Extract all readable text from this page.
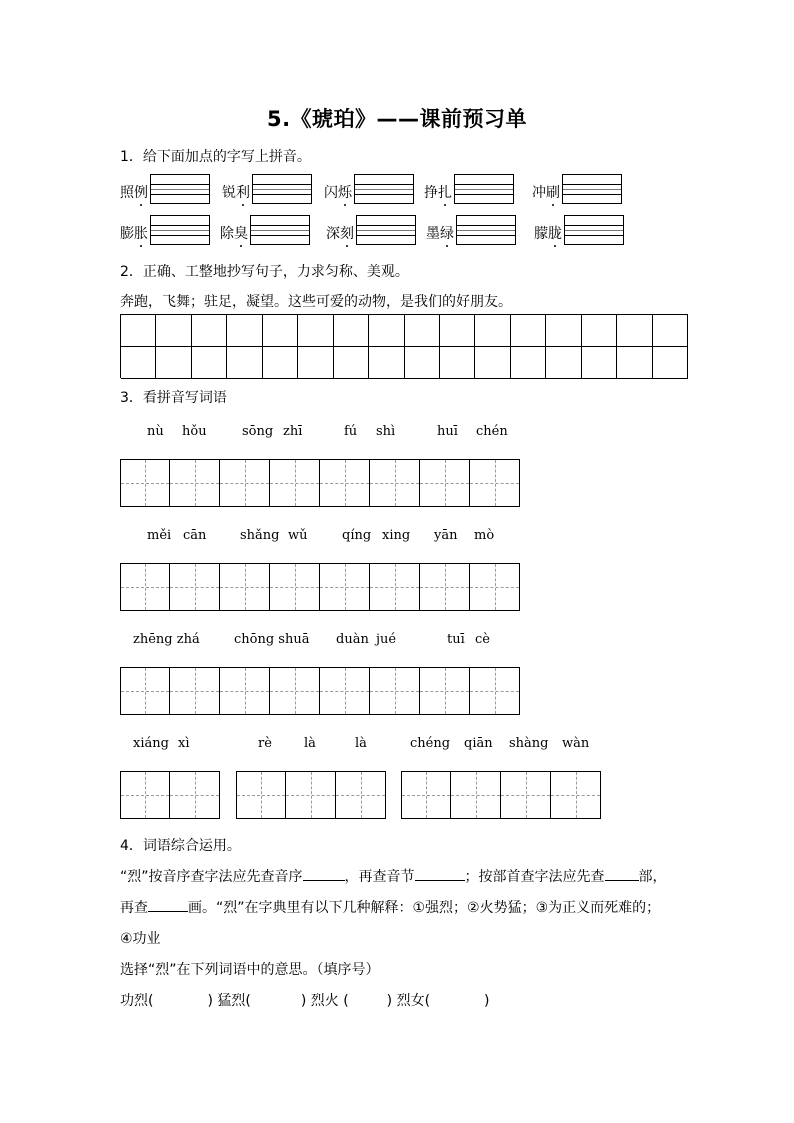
5.《琥珀》——课前预习单
1．给下面加点的字写上拼音。
照例	锐利	闪烁	挣扎	冲刷
膨胀	除臭	深刻	墨绿	朦胧
2．正确、工整地抄写句子，力求匀称、美观。
奔跑，飞舞；驻足，凝望。这些可爱的动物，是我们的好朋友。
3．看拼音写词语
nù hǒu	sōng zhī	fú shì	huī chén
měi cān	shǎng wǔ	qíng xing yān mò
zhēng zhá	chōng shuā duàn jué	tuī cè
xiáng xì	rè là	là	chéng qiān shàng wàn
4．词语综合运用。
“烈”按音序查字法应先查音序	，再查音节	；按部首查字法应先查 部，
再查	画。“烈”在字典里有以下几种解释：①强烈；②火势猛；③为正义而死难的；
④功业
选择“烈”在下列词语中的意思。（填序号）
功烈(	) 猛烈(	) 烈火 (	) 烈女(	)
